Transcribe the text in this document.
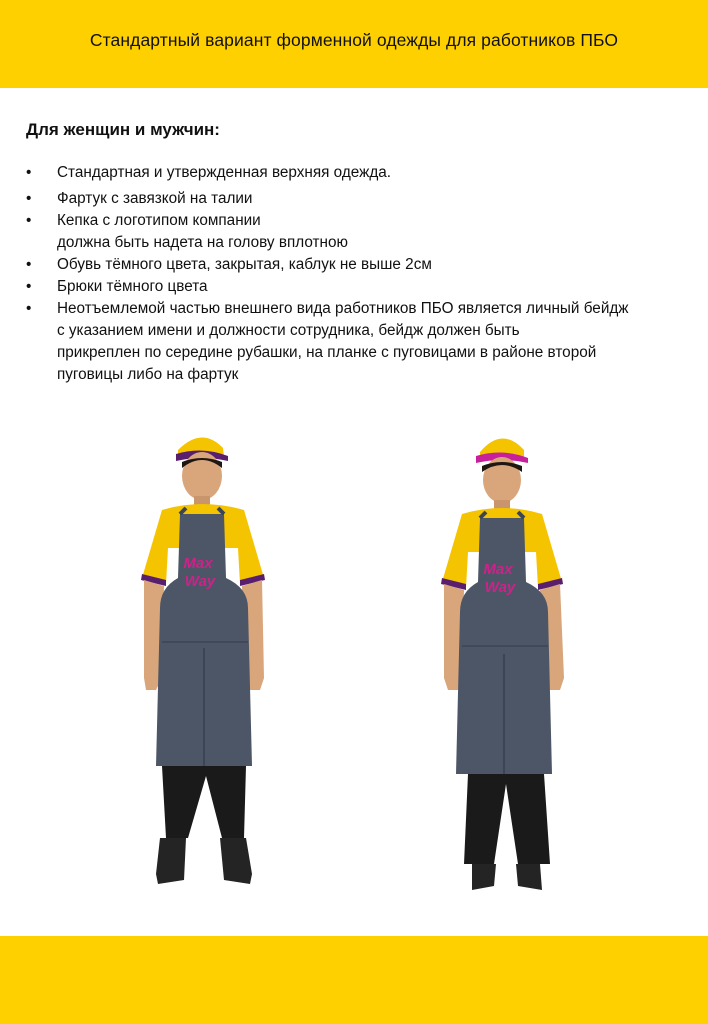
Стандартный вариант форменной одежды для работников ПБО
Для женщин и мужчин:
• Стандартная и утвержденная верхняя одежда.
• Фартук с завязкой на талии
• Кепка с логотипом компании
должна быть надета на голову вплотною
• Обувь тёмного цвета, закрытая, каблук не выше 2см
• Брюки тёмного цвета
• Неотъемлемой частью внешнего вида работников ПБО является личный бейдж
с указанием имени и должности сотрудника, бейдж должен быть
прикреплен по середине рубашки, на планке с пуговицами в районе второй
пуговицы либо на фартук
Max
Way
Max
Way
